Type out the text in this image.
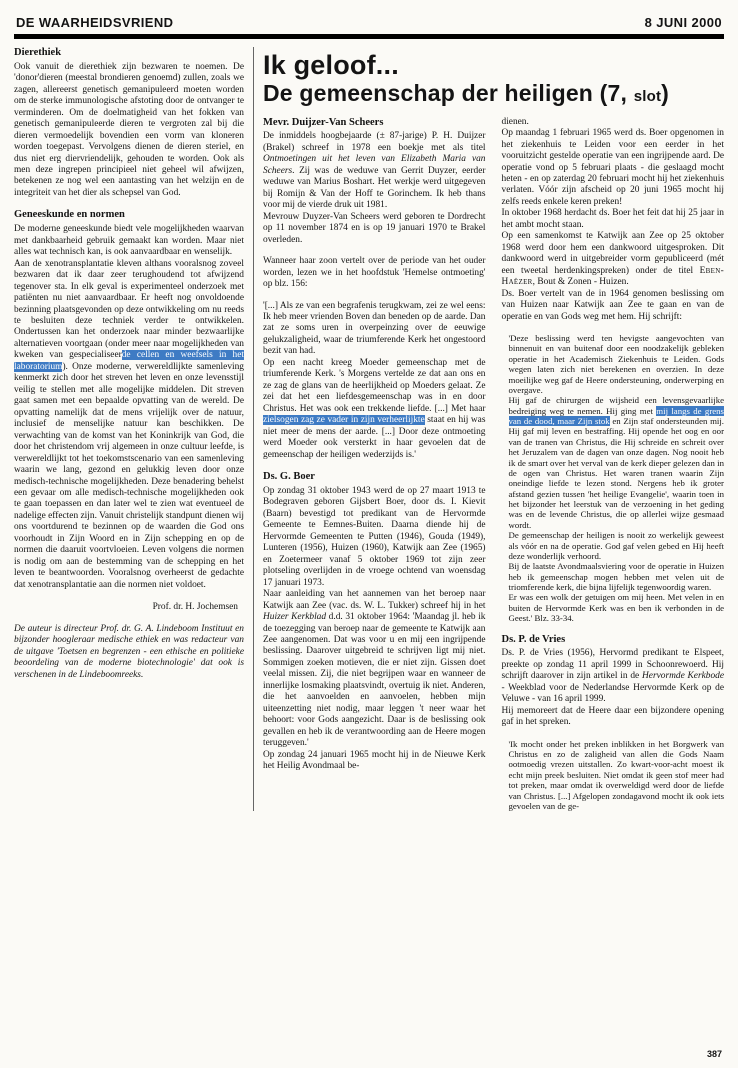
DE WAARHEIDSVRIEND	8 JUNI 2000
Dierethiek

Ook vanuit de dierethiek zijn bezwaren te noemen. De 'donor'dieren (meestal brondieren genoemd) zullen, zoals we zagen, allereerst genetisch gemanipuleerd moeten worden om de sterke immunologische afstoting door de ontvanger te verminderen. Om de doelmatigheid van het fokken van genetisch gemanipuleerde dieren te vergroten zal bij die dieren vermoedelijk bovendien een vorm van kloneren worden toegepast. Vervolgens dienen de dieren steriel, en dus niet erg diervriendelijk, gehouden te worden. Ook als men deze ingrepen principieel niet geheel wil afwijzen, betekenen ze nog wel een aantasting van het welzijn en de integriteit van het dier als schepsel van God.

Geneeskunde en normen

De moderne geneeskunde biedt vele mogelijkheden waarvan met dankbaarheid gebruik gemaakt kan worden. Maar niet alles wat technisch kan, is ook aanvaardbaar en wenselijk.

Aan de xenotransplantatie kleven althans vooralsnog zoveel bezwaren dat ik daar zeer terughoudend tot afwijzend tegenover sta. In elk geval is experimenteel onderzoek met patiënten nu niet aanvaardbaar. Er heeft nog onvoldoende bezinning plaatsgevonden op deze ontwikkeling om nu reeds te besluiten deze techniek verder te ontwikkelen. Ondertussen kan het onderzoek naar minder bezwaarlijke alternatieven voortgaan (onder meer naar mogelijkheden van kweken van gespecialiseerde cellen en weefsels in het laboratorium). Onze moderne, verwereldlijkte samenleving kenmerkt zich door het streven het leven en onze levensstijl veilig te stellen met alle mogelijke middelen. Dit streven gaat samen met een bepaalde opvatting van de wereld. De opvatting namelijk dat de mens vrijelijk over de natuur, inclusief de menselijke natuur kan beschikken. De verwachting van de komst van het Koninkrijk van God, die door het christendom vrij algemeen in onze cultuur leefde, is verwereldlijkt tot het toekomstscenario van een samenleving waarin we lang, gezond en gelukkig leven door onze medisch-technische mogelijkheden. Deze benadering behelst een gevaar om alle medisch-technische mogelijkheden ook te gaan toepassen en dan later wel te zien wat eventueel de nadelige effecten zijn. Vanuit christelijk standpunt dienen wij ons voortdurend te bezinnen op de waarden die God ons voorhoudt in Zijn Woord en in Zijn schepping en op de normen die daaruit voortvloeien. Leven volgens die normen is nodig om aan de bestemming van de schepping en het leven te beantwoorden. Vooralsnog overheerst de gedachte dat xenotransplantatie aan die normen niet voldoet.

Prof. dr. H. Jochemsen

De auteur is directeur Prof. dr. G. A. Lindeboom Instituut en bijzonder hoogleraar medische ethiek en was redacteur van de uitgave 'Toetsen en begrenzen - een ethische en politieke beoordeling van de moderne biotechnologie' dat ook is verschenen in de Lindeboomreeks.

Ik geloof...
De gemeenschap der heiligen (7, slot)
Mevr. Duijzer-Van Scheers

De inmiddels hoogbejaarde (± 87-jarige) P. H. Duijzer (Brakel) schreef in 1978 een boekje met als titel Ontmoetingen uit het leven van Elizabeth Maria van Scheers. Zij was de weduwe van Gerrit Duyzer, eerder weduwe van Marius Boshart. Het werkje werd uitgegeven bij Romijn & Van der Hoff te Gorinchem. Ik heb thans voor mij de vierde druk uit 1981.

Mevrouw Duyzer-Van Scheers werd geboren te Dordrecht op 11 november 1874 en is op 19 januari 1970 te Brakel overleden.

Wanneer haar zoon vertelt over de periode van het ouder worden, lezen we in het hoofdstuk 'Hemelse ontmoeting' op blz. 156:

'[...] Als ze van een begrafenis terugkwam, zei ze wel eens: Ik heb meer vrienden Boven dan beneden op de aarde. Dan zat ze soms uren in overpeinzing over de eeuwige gelukzaligheid, waar de triumferende Kerk het ongestoord bezit van had.

Op een nacht kreeg Moeder gemeenschap met de triumferende Kerk. 's Morgens vertelde ze dat aan ons en ze zag de glans van de heerlijkheid op Moeders gelaat. Ze zei dat het een liefdesgemeenschap was in en door Christus. Het was ook een trekkende liefde. [...] Met haar zielsogen zag ze vader in zijn verheerlijkte staat en hij was niet meer de mens der aarde. [...] Door deze ontmoeting werd Moeder ook versterkt in haar gevoelen dat de gemeenschap der heiligen wederzijds is.'

Ds. G. Boer

Op zondag 31 oktober 1943 werd de op 27 maart 1913 te Bodegraven geboren Gijsbert Boer, door ds. I. Kievit (Baarn) bevestigd tot predikant van de Hervormde Gemeente te Eemnes-Buiten. Daarna diende hij de Hervormde Gemeenten te Putten (1946), Gouda (1949), Lunteren (1956), Huizen (1960), Katwijk aan Zee (1965) en Zoetermeer vanaf 5 oktober 1969 tot zijn zeer plotseling overlijden in de vroege ochtend van woensdag 17 januari 1973.

Naar aanleiding van het aannemen van het beroep naar Katwijk aan Zee (vac. ds. W. L. Tukker) schreef hij in het Huizer Kerkblad d.d. 31 oktober 1964: 'Maandag jl. heb ik de toezegging van beroep naar de gemeente te Katwijk aan Zee aangenomen. Dat was voor u en mij een ingrijpende beslissing. Daarover uitgebreid te schrijven ligt mij niet. Sommigen zoeken motieven, die er niet zijn. Gissen doet veelal missen. Zij, die niet begrijpen waar en wanneer de innerlijke losmaking plaatsvindt, overtuig ik niet. Anderen, die het aanvoelden en aanvoelen, hebben mijn uiteenzetting niet nodig, maar leggen 't neer waar het behoort: voor Gods aangezicht. Daar is de beslissing ook gevallen en heb ik de verantwoording aan de Heere mogen teruggeven.'

Op zondag 24 januari 1965 mocht hij in de Nieuwe Kerk het Heilig Avondmaal be-

dienen.

Op maandag 1 februari 1965 werd ds. Boer opgenomen in het ziekenhuis te Leiden voor een eerder in het vooruitzicht gestelde operatie van een ingrijpende aard. De operatie vond op 5 februari plaats - die geslaagd mocht heten - en op zaterdag 20 februari mocht hij het ziekenhuis verlaten. Vóór zijn afscheid op 20 juni 1965 mocht hij zelfs reeds enkele keren preken!

In oktober 1968 herdacht ds. Boer het feit dat hij 25 jaar in het ambt mocht staan.

Op een samenkomst te Katwijk aan Zee op 25 oktober 1968 werd door hem een dankwoord uitgesproken. Dit dankwoord werd in uitgebreider vorm gepubliceerd (mét een tweetal herdenkingspreken) onder de titel Eben-Haëzer, Bout & Zonen - Huizen.

Ds. Boer vertelt van de in 1964 genomen beslissing om van Huizen naar Katwijk aan Zee te gaan en van de operatie en van Gods weg met hem. Hij schrijft:

'Deze beslissing werd ten hevigste aangevochten van binnenuit en van buitenaf door een noodzakelijk gebleken operatie in het Academisch Ziekenhuis te Leiden. Gods wegen laten zich niet berekenen en overzien. In deze moeilijke weg gaf de Heere ondersteuning, onderwerping en overgave.

Hij gaf de chirurgen de wijsheid een levensgevaarlijke bedreiging weg te nemen. Hij ging met mij langs de grens van de dood, maar Zijn stok en Zijn staf ondersteunden mij. Hij gaf mij leven en bestraffing. Hij opende het oog en oor van de tranen van Christus, die Hij schreide en schreit over het Jeruzalem van de dagen van onze dagen. Nog nooit heb ik de smart over het verval van de kerk dieper gelezen dan in de ogen van Christus. Het waren tranen waarin Zijn oneindige liefde te lezen stond. Nergens heb ik groter afstand gezien tussen 'het heilige Evangelie', waarin toen in het bijzonder het leerstuk van de verzoening in het geding was en de levende Christus, die op allerlei wijze gesmaad wordt.

De gemeenschap der heiligen is nooit zo werkelijk geweest als vóór en na de operatie. God gaf velen gebed en Hij heeft deze wonderlijk verhoord.

Bij de laatste Avondmaalsviering voor de operatie in Huizen heb ik gemeenschap mogen hebben met velen uit de triomferende kerk, die bijna lijfelijk tegenwoordig waren.

Er was een wolk der getuigen om mij heen. Met velen in en buiten de Hervormde Kerk was en ben ik verbonden in de Geest.' Blz. 33-34.

Ds. P. de Vries

Ds. P. de Vries (1956), Hervormd predikant te Elspeet, preekte op zondag 11 april 1999 in Schoonrewoerd. Hij schrijft daarover in zijn artikel in de Hervormde Kerkbode - Weekblad voor de Nederlandse Hervormde Kerk op de Veluwe - van 16 april 1999.

Hij memoreert dat de Heere daar een bijzondere opening gaf in het spreken.

'Ik mocht onder het preken inblikken in het Borgwerk van Christus en zo de zaligheid van allen die Gods Naam ootmoedig vrezen uitstallen. Zo kwart-voor-acht moest ik echt mijn preek besluiten. Niet omdat ik geen stof meer had tot preken, maar omdat ik overweldigd werd door de liefde van Christus. [...] Afgelopen zondagavond mocht ik ook iets gevoelen van de ge-

387
